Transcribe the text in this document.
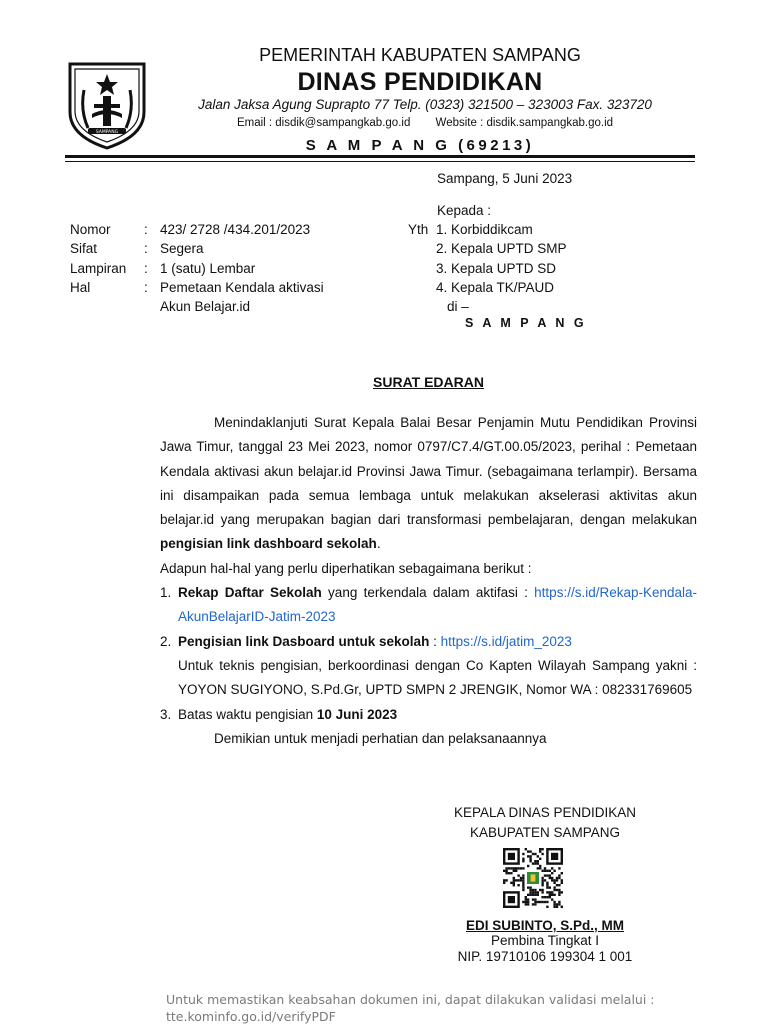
SAMPANG
PEMERINTAH KABUPATEN SAMPANG
DINAS PENDIDIKAN
Jalan Jaksa Agung Suprapto 77 Telp. (0323) 321500 – 323003 Fax. 323720
Email : disdik@sampangkab.go.id Website : disdik.sampangkab.go.id
S A M P A N G (69213)
Sampang, 5 Juni 2023
Kepada :
Yth 1. Korbiddikcam
2. Kepala UPTD SMP
3. Kepala UPTD SD
4. Kepala TK/PAUD
di –
S A M P A N G
Nomor	: 423/ 2728 /434.201/2023
Sifat	: Segera
Lampiran	: 1 (satu) Lembar
Hal	: Pemetaan Kendala aktivasi
Akun Belajar.id
SURAT EDARAN

Menindaklanjuti Surat Kepala Balai Besar Penjamin Mutu Pendidikan Provinsi Jawa Timur, tanggal 23 Mei 2023, nomor 0797/C7.4/GT.00.05/2023, perihal : Pemetaan Kendala aktivasi akun belajar.id Provinsi Jawa Timur. (sebagaimana terlampir). Bersama ini disampaikan pada semua lembaga untuk melakukan akselerasi aktivitas akun belajar.id yang merupakan bagian dari transformasi pembelajaran, dengan melakukan pengisian link dashboard sekolah.

Adapun hal-hal yang perlu diperhatikan sebagaimana berikut :

1. Rekap Daftar Sekolah yang terkendala dalam aktifasi : https://s.id/Rekap-Kendala-AkunBelajarID-Jatim-2023
2. Pengisian link Dasboard untuk sekolah : https://s.id/jatim_2023
Untuk teknis pengisian, berkoordinasi dengan Co Kapten Wilayah Sampang yakni : YOYON SUGIYONO, S.Pd.Gr, UPTD SMPN 2 JRENGIK, Nomor WA : 082331769605
3. Batas waktu pengisian 10 Juni 2023

Demikian untuk menjadi perhatian dan pelaksanaannya

KEPALA DINAS PENDIDIKAN
KABUPATEN SAMPANG
EDI SUBINTO, S.Pd., MM
Pembina Tingkat I
NIP. 19710106 199304 1 001
Untuk memastikan keabsahan dokumen ini, dapat dilakukan validasi melalui :
tte.kominfo.go.id/verifyPDF
